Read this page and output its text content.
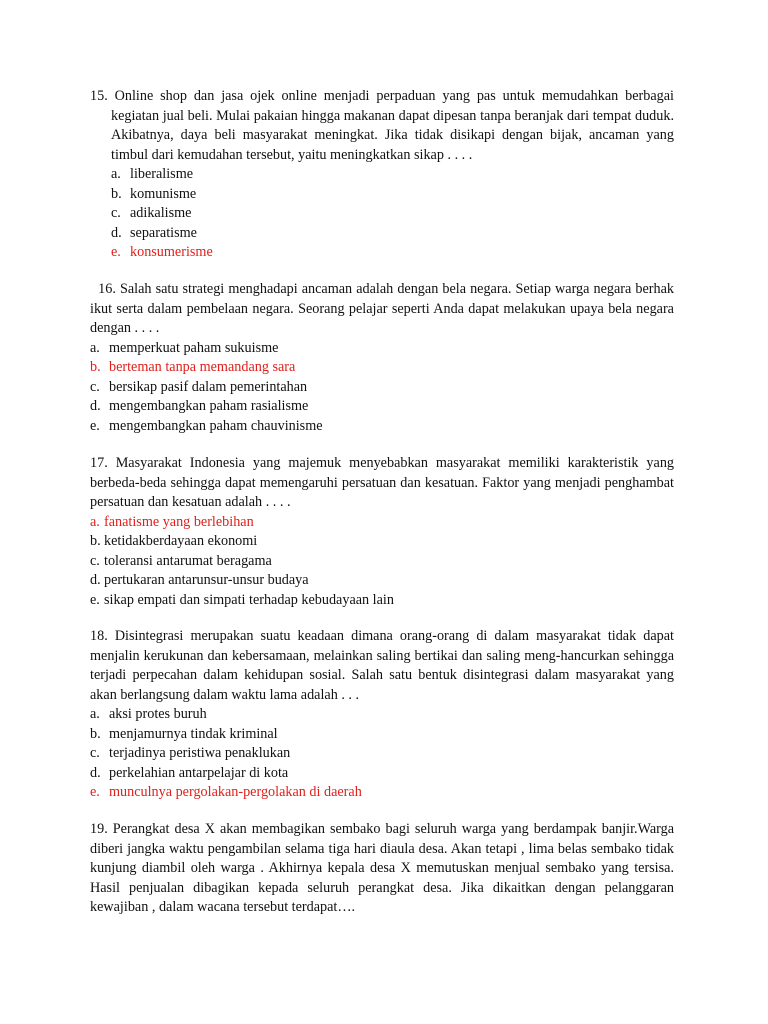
15. Online shop dan jasa ojek online menjadi perpaduan yang pas untuk memudahkan berbagai kegiatan jual beli. Mulai pakaian hingga makanan dapat dipesan tanpa beranjak dari tempat duduk. Akibatnya, daya beli masyarakat meningkat. Jika tidak disikapi dengan bijak, ancaman yang timbul dari kemudahan tersebut, yaitu meningkatkan sikap . . . .

a. liberalisme
b. komunisme
c. adikalisme
d. separatisme
e. konsumerisme

16. Salah satu strategi menghadapi ancaman adalah dengan bela negara. Setiap warga negara berhak ikut serta dalam pembelaan negara. Seorang pelajar seperti Anda dapat melakukan upaya bela negara dengan . . . .

a. memperkuat paham sukuisme
b. berteman tanpa memandang sara
c. bersikap pasif dalam pemerintahan
d. mengembangkan paham rasialisme
e. mengembangkan paham chauvinisme

17. Masyarakat Indonesia yang majemuk menyebabkan masyarakat memiliki karakteristik yang berbeda-beda sehingga dapat memengaruhi persatuan dan kesatuan. Faktor yang menjadi penghambat persatuan dan kesatuan adalah . . . .

a. fanatisme yang berlebihan
b. ketidakberdayaan ekonomi
c. toleransi antarumat beragama
d. pertukaran antarunsur-unsur budaya
e. sikap empati dan simpati terhadap kebudayaan lain

18. Disintegrasi merupakan suatu keadaan dimana orang-orang di dalam masyarakat tidak dapat menjalin kerukunan dan kebersamaan, melainkan saling bertikai dan saling meng-hancurkan sehingga terjadi perpecahan dalam kehidupan sosial. Salah satu bentuk disintegrasi dalam masyarakat yang akan berlangsung dalam waktu lama adalah . . .

a. aksi protes buruh
b. menjamurnya tindak kriminal
c. terjadinya peristiwa penaklukan
d. perkelahian antarpelajar di kota
e. munculnya pergolakan-pergolakan di daerah

19. Perangkat desa X akan membagikan sembako bagi seluruh warga yang berdampak banjir.Warga diberi jangka waktu pengambilan selama tiga hari diaula desa. Akan tetapi , lima belas sembako tidak kunjung diambil oleh warga . Akhirnya kepala desa X memutuskan menjual sembako yang tersisa. Hasil penjualan dibagikan kepada seluruh perangkat desa. Jika dikaitkan dengan pelanggaran kewajiban , dalam wacana tersebut terdapat….
